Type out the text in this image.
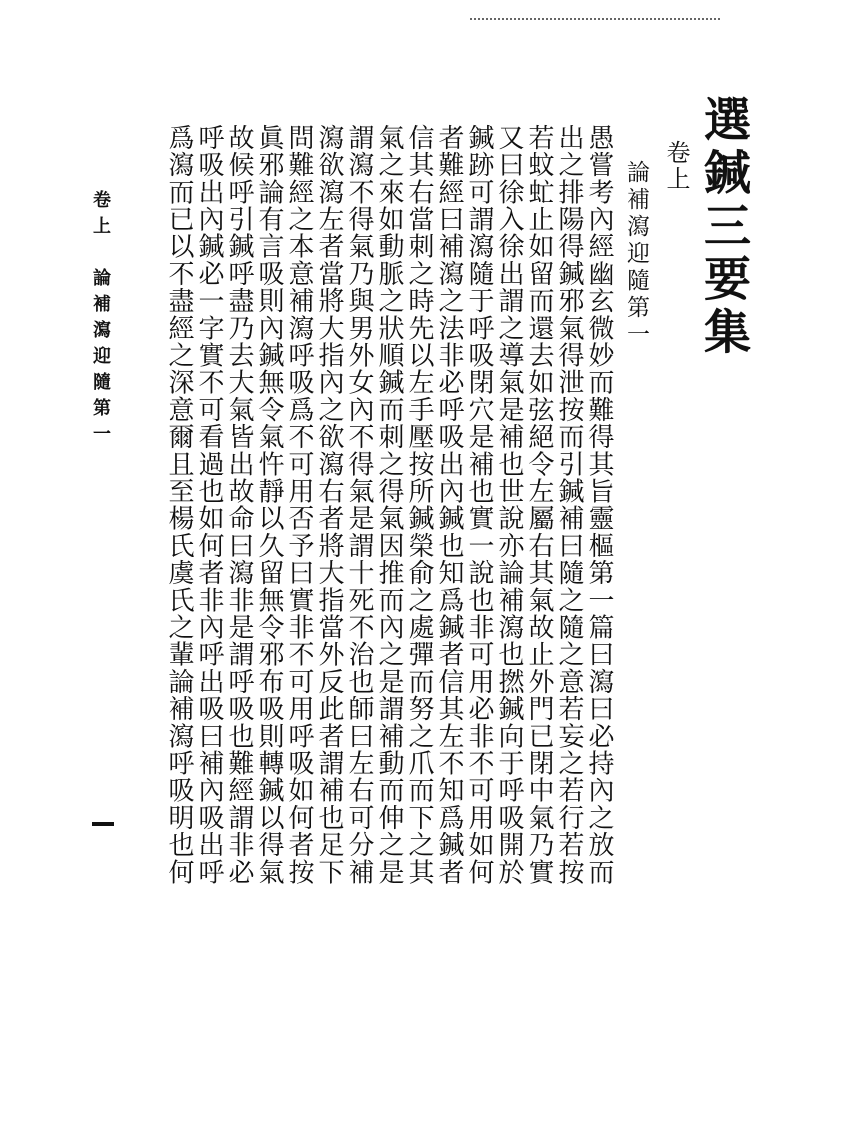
選鍼三要集
卷上
論補瀉迎隨第一
愚嘗考內經幽玄微妙而難得其旨靈樞第一篇曰瀉曰必持內之放而
出之排陽得鍼邪氣得泄按而引鍼補曰隨之隨之意若妄之若行若按
若蚊虻止如留而還去如弦絕令左屬右其氣故止外門已閉中氣乃實
又曰徐入徐出謂之導氣是補也世說亦論補瀉也撚鍼向于呼吸開於
鍼跡可謂瀉隨于呼吸閉穴是補也實一說也非可用必非不可用如何
者難經曰補瀉之法非必呼吸出內鍼也知爲鍼者信其左不知爲鍼者
信其右當刺之時先以左手壓按所鍼榮俞之處彈而努之爪而下之其
氣之來如動脈之狀順鍼而刺之得氣因推而內之是謂補動而伸之是
謂瀉不得氣乃與男外女內不得氣是謂十死不治也師曰左右可分補
瀉欲瀉左者當將大指內之欲瀉右者將大指當外反此者謂補也足下
問難經之本意補瀉呼吸爲不可用否予曰實非不可用呼吸如何者按
眞邪論有言吸則內鍼無令氣忤靜以久留無令邪布吸則轉鍼以得氣
故候呼引鍼呼盡乃去大氣皆出故命曰瀉非是謂呼吸也難經謂非必
呼吸出內鍼必一字實不可看過也如何者非內呼出吸曰補內吸出呼
爲瀉而已以不盡經之深意爾且至楊氏虞氏之輩論補瀉呼吸明也何
卷上　論補瀉迎隨第一
